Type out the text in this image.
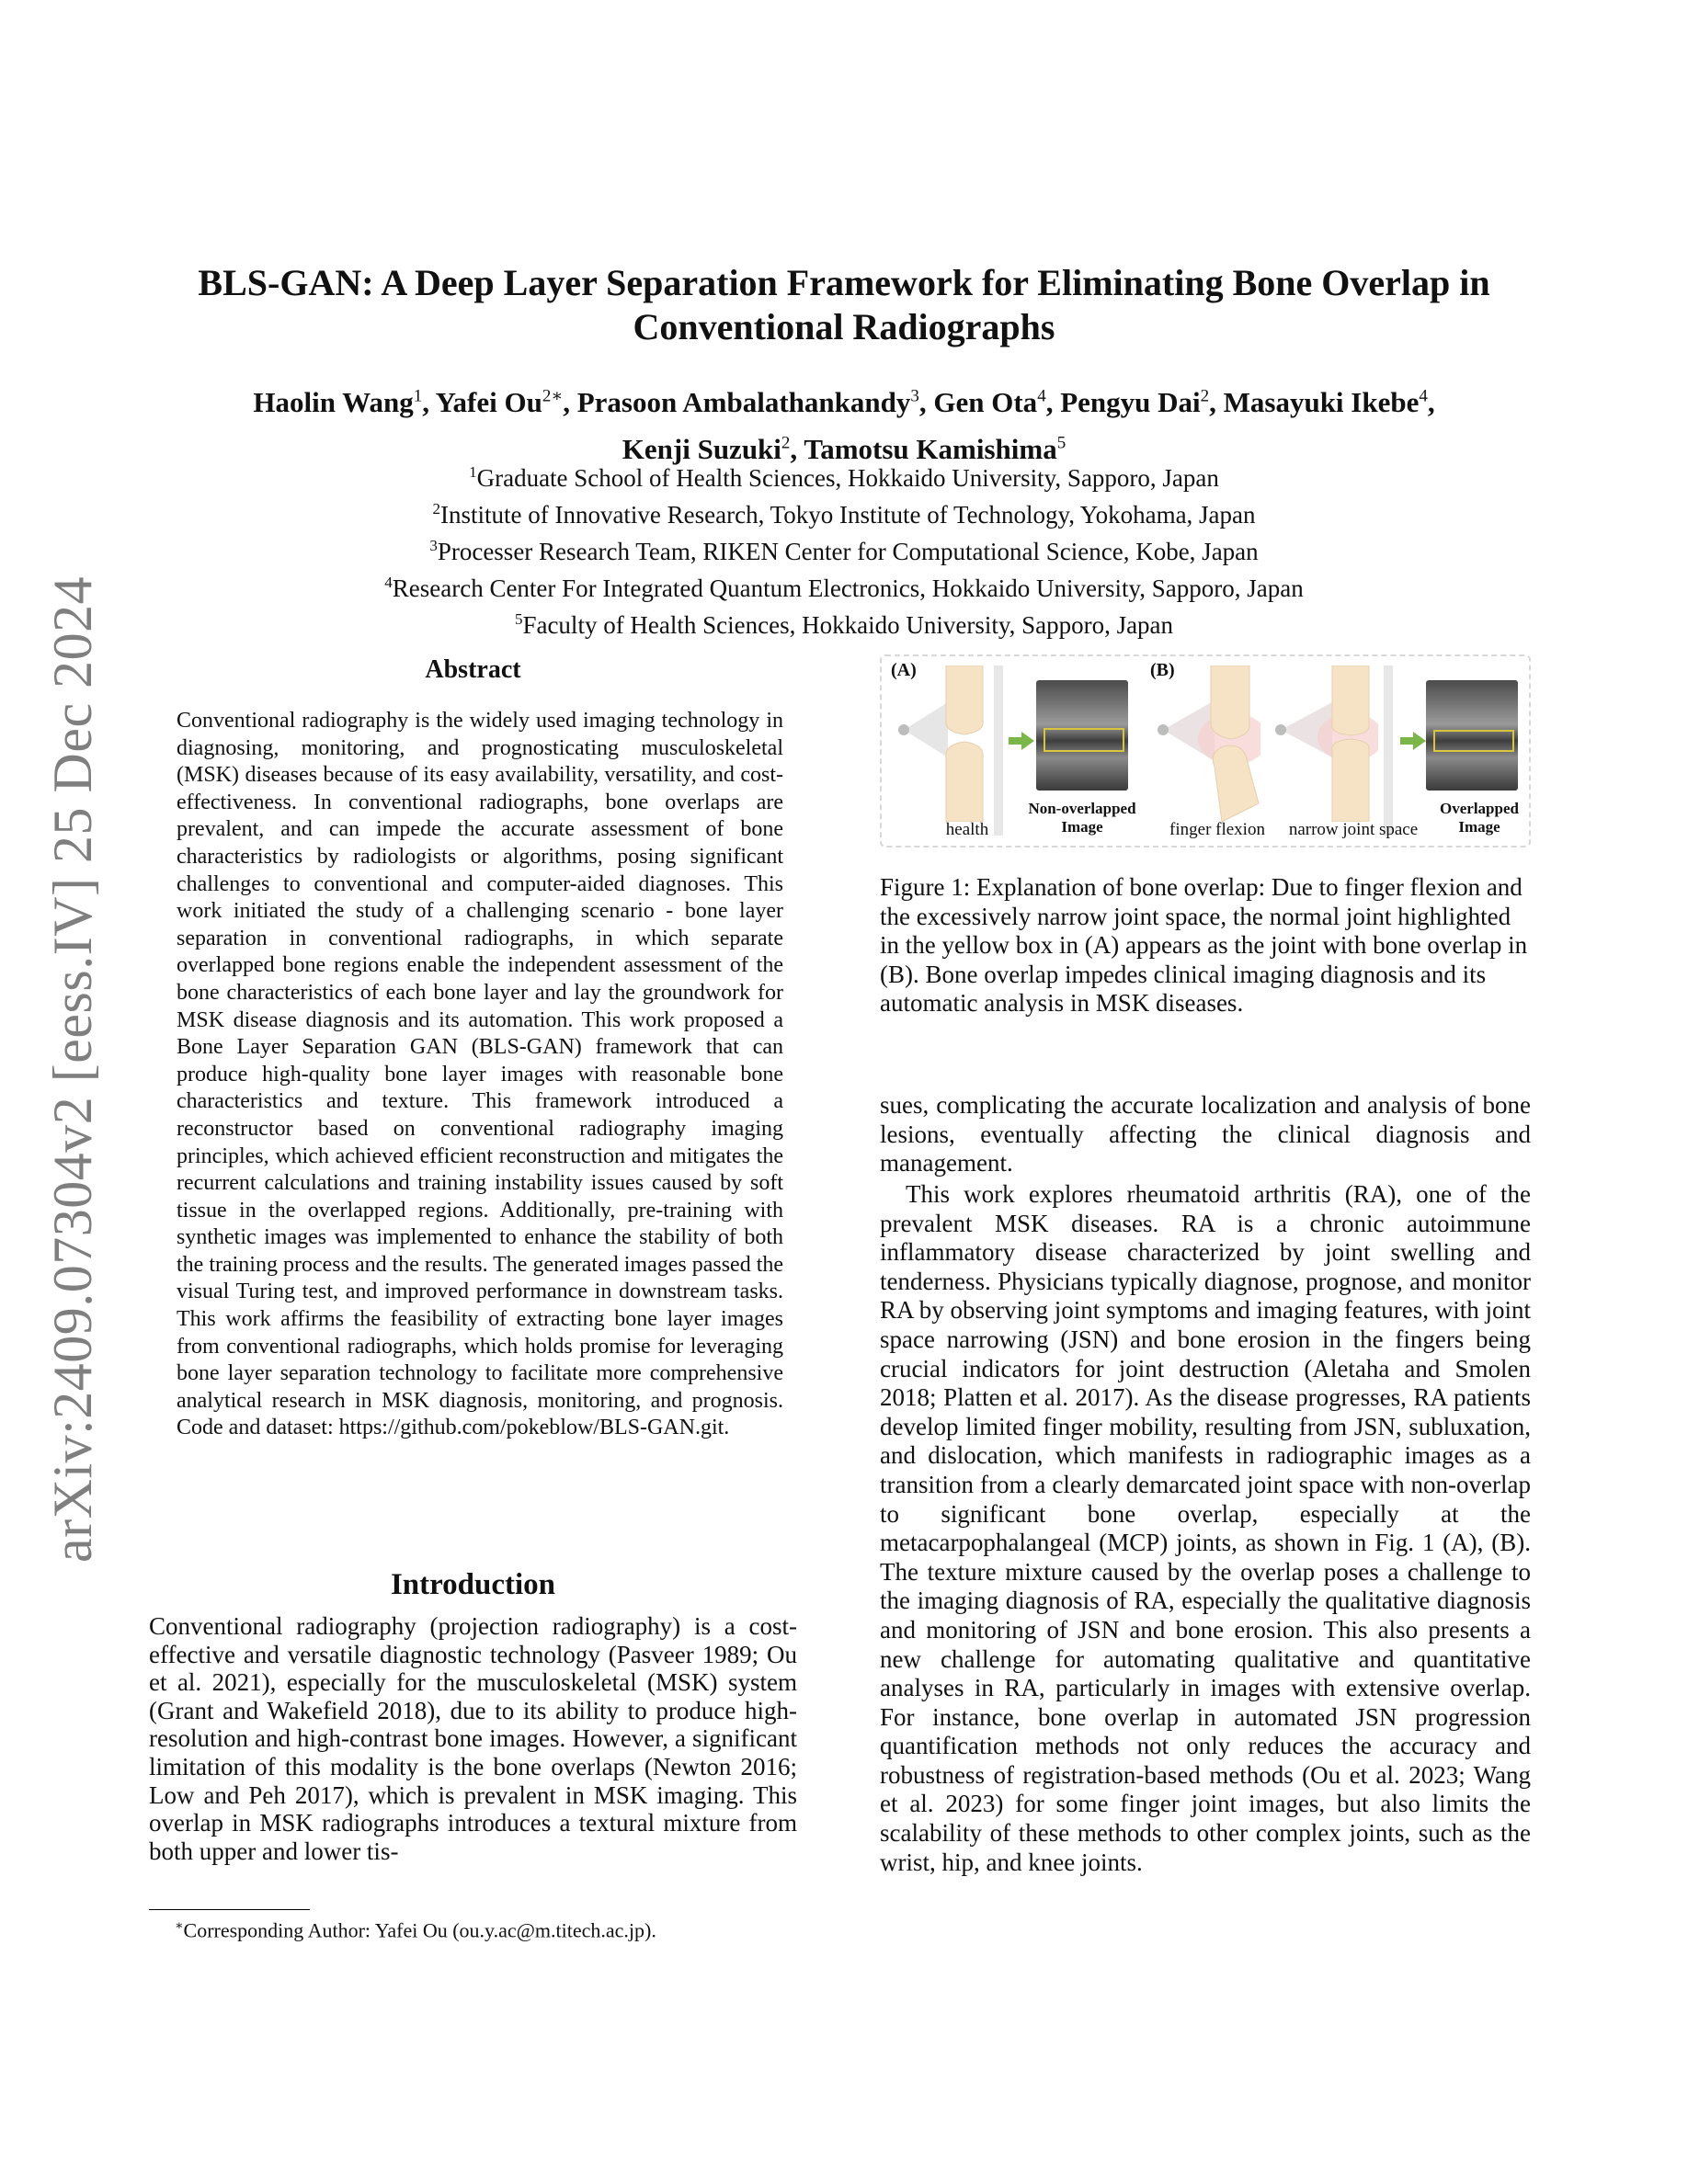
arXiv:2409.07304v2 [eess.IV] 25 Dec 2024
BLS-GAN: A Deep Layer Separation Framework for Eliminating Bone Overlap in Conventional Radiographs
Haolin Wang$^1$, Yafei $Ou^{2∗}$, Prasoon Ambalathankandy$^3$, Gen Ota$^4$, Pengyu Dai$^2$, Masayuki Ikebe$^4$,
Kenji Suzuki$^2$, Tamotsu Kamishima$^5$
$^1$Graduate School of Health Sciences, Hokkaido University, Sapporo, Japan
$^2$Institute of Innovative Research, Tokyo Institute of Technology, Yokohama, Japan
$^3$Processer Research Team, RIKEN Center for Computational Science, Kobe, Japan
$^4$Research Center For Integrated Quantum Electronics, Hokkaido University, Sapporo, Japan
$^5$Faculty of Health Sciences, Hokkaido University, Sapporo, Japan
Abstract
Conventional radiography is the widely used imaging technology in diagnosing, monitoring, and prognosticating musculoskeletal (MSK) diseases because of its easy availability, versatility, and cost-effectiveness. In conventional radiographs, bone overlaps are prevalent, and can impede the accurate assessment of bone characteristics by radiologists or algorithms, posing significant challenges to conventional and computer-aided diagnoses. This work initiated the study of a challenging scenario - bone layer separation in conventional radiographs, in which separate overlapped bone regions enable the independent assessment of the bone characteristics of each bone layer and lay the groundwork for MSK disease diagnosis and its automation. This work proposed a Bone Layer Separation GAN (BLS-GAN) framework that can produce high-quality bone layer images with reasonable bone characteristics and texture. This framework introduced a reconstructor based on conventional radiography imaging principles, which achieved efficient reconstruction and mitigates the recurrent calculations and training instability issues caused by soft tissue in the overlapped regions. Additionally, pre-training with synthetic images was implemented to enhance the stability of both the training process and the results. The generated images passed the visual Turing test, and improved performance in downstream tasks. This work affirms the feasibility of extracting bone layer images from conventional radiographs, which holds promise for leveraging bone layer separation technology to facilitate more comprehensive analytical research in MSK diagnosis, monitoring, and prognosis. Code and dataset: https://github.com/pokeblow/BLS-GAN.git.
Introduction
Conventional radiography (projection radiography) is a cost-effective and versatile diagnostic technology (Pasveer 1989; Ou et al. 2021), especially for the musculoskeletal (MSK) system (Grant and Wakefield 2018), due to its ability to produce high-resolution and high-contrast bone images. However, a significant limitation of this modality is the bone overlaps (Newton 2016; Low and Peh 2017), which is prevalent in MSK imaging. This overlap in MSK radiographs introduces a textural mixture from both upper and lower tis-
∗Corresponding Author: Yafei Ou (ou.y.ac@m.titech.ac.jp).
(A)
health
Non-overlapped Image
(B)
finger flexion	narrow joint space
Overlapped Image
Figure 1: Explanation of bone overlap: Due to finger flexion and the excessively narrow joint space, the normal joint highlighted in the yellow box in (A) appears as the joint with bone overlap in (B). Bone overlap impedes clinical imaging diagnosis and its automatic analysis in MSK diseases.
sues, complicating the accurate localization and analysis of bone lesions, eventually affecting the clinical diagnosis and management.
This work explores rheumatoid arthritis (RA), one of the prevalent MSK diseases. RA is a chronic autoimmune inflammatory disease characterized by joint swelling and tenderness. Physicians typically diagnose, prognose, and monitor RA by observing joint symptoms and imaging features, with joint space narrowing (JSN) and bone erosion in the fingers being crucial indicators for joint destruction (Aletaha and Smolen 2018; Platten et al. 2017). As the disease progresses, RA patients develop limited finger mobility, resulting from JSN, subluxation, and dislocation, which manifests in radiographic images as a transition from a clearly demarcated joint space with non-overlap to significant bone overlap, especially at the metacarpophalangeal (MCP) joints, as shown in Fig. 1 (A), (B). The texture mixture caused by the overlap poses a challenge to the imaging diagnosis of RA, especially the qualitative diagnosis and monitoring of JSN and bone erosion. This also presents a new challenge for automating qualitative and quantitative analyses in RA, particularly in images with extensive overlap. For instance, bone overlap in automated JSN progression quantification methods not only reduces the accuracy and robustness of registration-based methods (Ou et al. 2023; Wang et al. 2023) for some finger joint images, but also limits the scalability of these methods to other complex joints, such as the wrist, hip, and knee joints.
